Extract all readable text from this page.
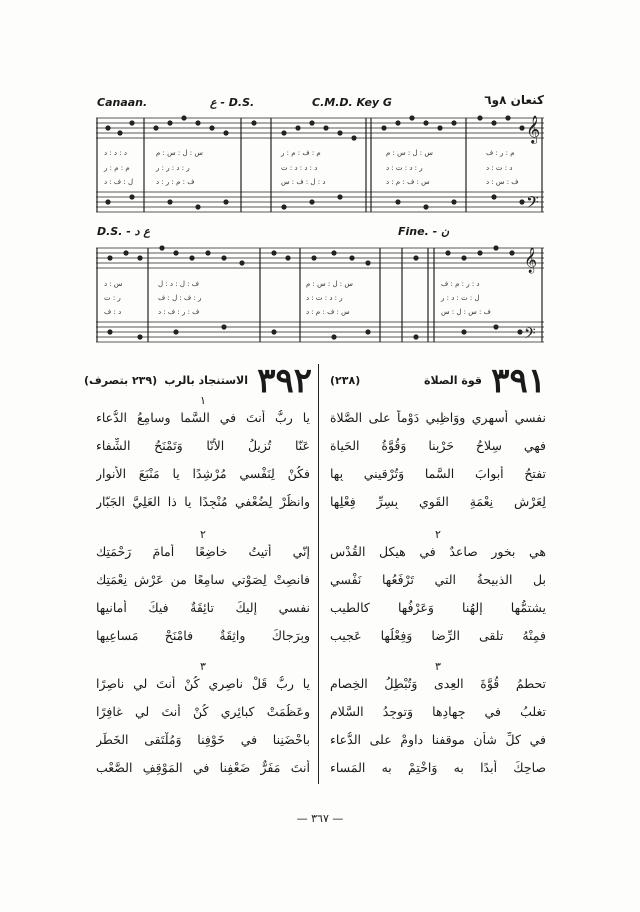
Canaan.	ع - D.S.	C.M.D. Key G	كنعان ٨و٦
د : د : د	س : ل : س : م	م : ف : م : ر	س : ل : س : م	م : ر : ف
م : م : ر	ر : د : ر : ر	د : د : د : ت	ر : د : ت : د	د : ت : د
ل : ف : د	ف : م : ر : د	د : ل : ف : س	س : ف : م : د	ف : س : د
𝄞
𝄢
D.S. - ع د	Fine. - ن
س : د	ف : ل : د : ل	س : ل : س : م	د : ر : م : ف
ر : ت	ر : ف : ل : ف	ر : د : ت : د	ل : ت : د : ر
د : ف	ف : ر : ف : د	س : ف : م : د	ف : س : ل : س
𝄞
𝄢
٣٩١
قوة الصلاة
(٢٣٨)
٣٩٢
الاستنجاد بالرب
(٢٣٩ بتصرف)
نفسي أسهري ووَاظِبي دَوْماً على الصَّلاة
فهي سِلاحُ حَرْبِنا وَقُوَّةُ الحَياة
تفتحُ أبوابَ السَّما وَتُرْقيني بِها
لِعَرْشِ نِعْمَةِ القَوي بِسِرِّ فِعْلِها
٢
هي بخور صاعدٌ في هيكلِ القُدْس
بل الذبيحةُ التي تَرْفَعُها نَفْسي
يشتمُّها إلهُنا وَعَرْفُها كالطيب
فمِنْهُ تلقى الرِّضا وَفِعْلُها عَجيب
٣
تحطمُ قُوَّةَ العِدى وَتُبْطِلُ الخِصام
تغلبُ في جِهادِها وَتوجِدُ السَّلام
في كلِّ شأنٍ موقفنا داوِمْ على الدُّعاء
صاحِكَ أبدًا به وَاخْتِمْ به المَساء
١
يا ربُّ أنتَ في السَّما وسامِعُ الدُّعاء
عَنّا تُزيلُ الأَنّا وَتَمْنَحُ الشِّفاء
فكُنْ لِنَفْسي مُرْشِدًا يا مَنْبَعَ الأنوار
وانظُرْ لِضُعْفي مُنْجِدًا يا ذا العَلِيَّ الجَبّار
٢
إنّي أتيتُ خاضِعًا أمامَ رَحْمَتِك
فانصِتْ لِصَوْتي سامِعًا من عَرْشِ نِعْمَتِك
نفسي إليكَ تائِقَةٌ فيكَ أمانيها
وبِرَجاكَ واثِقَةٌ فامْنَحْ مَساعِيها
٣
يا ربُّ قَلْ ناصِري كُنْ أنتَ لي ناصِرًا
وعَظُمَتْ كبائِري كُنْ أنتَ لي غافِرًا
باحْضَنِنا في خَوْفِنا وَمُلْتَقى الخَطَر
أنتَ مَفَرٌّ ضَعْفِنا في المَوْقِفِ الصَّعْب
— ٣٦٧ —
